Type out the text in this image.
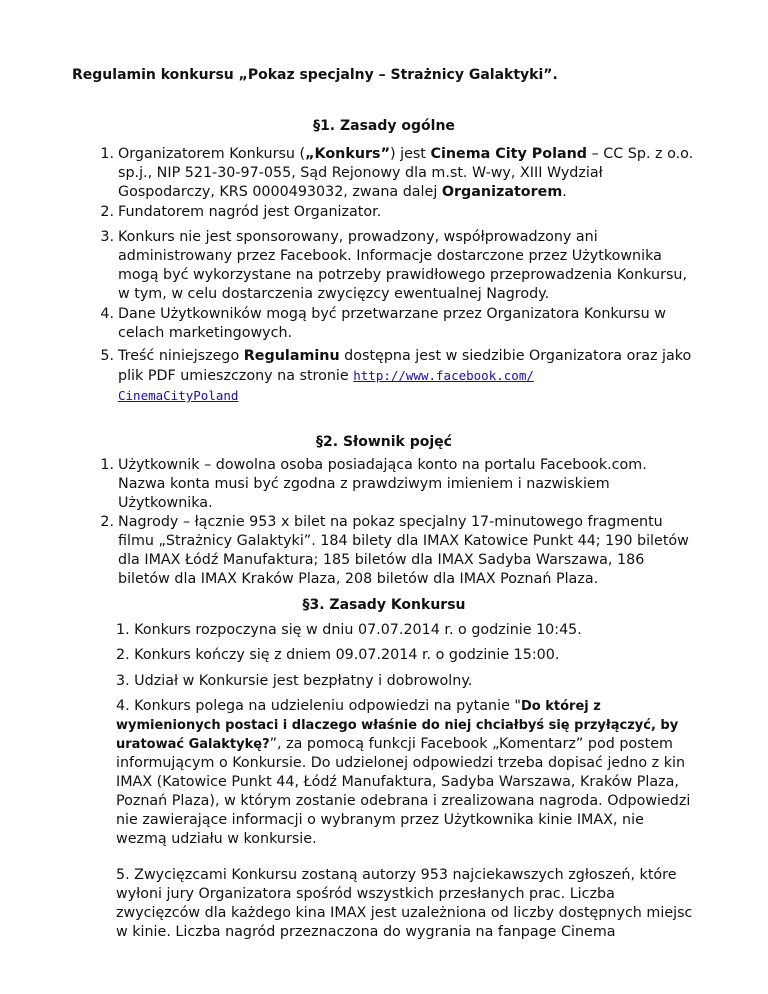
Regulamin konkursu „Pokaz specjalny – Strażnicy Galaktyki”.
§1. Zasady ogólne
1. Organizatorem Konkursu („Konkurs”) jest Cinema City Poland – CC Sp. z o.o. sp.j., NIP 521-30-97-055, Sąd Rejonowy dla m.st. W-wy, XIII Wydział Gospodarczy, KRS 0000493032, zwana dalej Organizatorem.
2. Fundatorem nagród jest Organizator.
3. Konkurs nie jest sponsorowany, prowadzony, współprowadzony ani administrowany przez Facebook. Informacje dostarczone przez Użytkownika mogą być wykorzystane na potrzeby prawidłowego przeprowadzenia Konkursu, w tym, w celu dostarczenia zwycięzcy ewentualnej Nagrody.
4. Dane Użytkowników mogą być przetwarzane przez Organizatora Konkursu w celach marketingowych.
5. Treść niniejszego Regulaminu dostępna jest w siedzibie Organizatora oraz jako plik PDF umieszczony na stronie http://www.facebook.com/
CinemaCityPoland
§2. Słownik pojęć
1. Użytkownik – dowolna osoba posiadająca konto na portalu Facebook.com. Nazwa konta musi być zgodna z prawdziwym imieniem i nazwiskiem Użytkownika.
2. Nagrody – łącznie 953 x bilet na pokaz specjalny 17-minutowego fragmentu filmu „Strażnicy Galaktyki”. 184 bilety dla IMAX Katowice Punkt 44; 190 biletów dla IMAX Łódź Manufaktura; 185 biletów dla IMAX Sadyba Warszawa, 186 biletów dla IMAX Kraków Plaza, 208 biletów dla IMAX Poznań Plaza.
§3. Zasady Konkursu
1. Konkurs rozpoczyna się w dniu 07.07.2014 r. o godzinie 10:45.
2. Konkurs kończy się z dniem 09.07.2014 r. o godzinie 15:00.
3. Udział w Konkursie jest bezpłatny i dobrowolny.
4. Konkurs polega na udzieleniu odpowiedzi na pytanie "Do której z wymienionych postaci i dlaczego właśnie do niej chciałbyś się przyłączyć, by uratować Galaktykę?”, za pomocą funkcji Facebook „Komentarz” pod postem informującym o Konkursie. Do udzielonej odpowiedzi trzeba dopisać jedno z kin IMAX (Katowice Punkt 44, Łódź Manufaktura, Sadyba Warszawa, Kraków Plaza, Poznań Plaza), w którym zostanie odebrana i zrealizowana nagroda. Odpowiedzi nie zawierające informacji o wybranym przez Użytkownika kinie IMAX, nie wezmą udziału w konkursie.
5. Zwycięzcami Konkursu zostaną autorzy 953 najciekawszych zgłoszeń, które wyłoni jury Organizatora spośród wszystkich przesłanych prac. Liczba zwycięzców dla każdego kina IMAX jest uzależniona od liczby dostępnych miejsc w kinie. Liczba nagród przeznaczona do wygrania na fanpage Cinema
